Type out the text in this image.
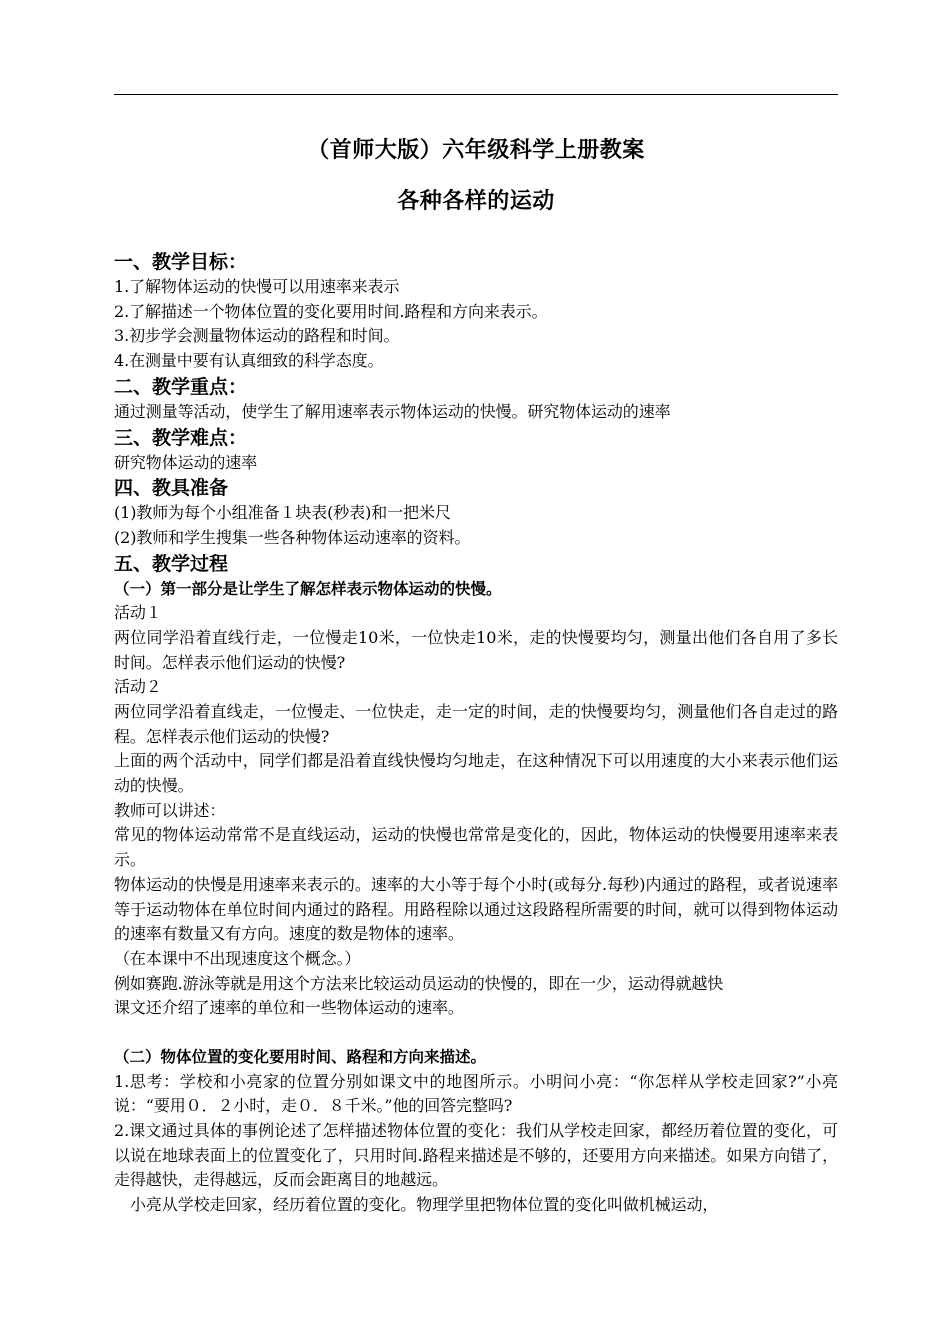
（首师大版）六年级科学上册教案
各种各样的运动
一、教学目标：
1.了解物体运动的快慢可以用速率来表示
2.了解描述一个物体位置的变化要用时间.路程和方向来表示。
3.初步学会测量物体运动的路程和时间。
4.在测量中要有认真细致的科学态度。
二、教学重点：
通过测量等活动，使学生了解用速率表示物体运动的快慢。研究物体运动的速率
三、教学难点：
研究物体运动的速率
四、教具准备
(1)教师为每个小组准备１块表(秒表)和一把米尺
(2)教师和学生搜集一些各种物体运动速率的资料。
五、教学过程
（一）第一部分是让学生了解怎样表示物体运动的快慢。
活动１
两位同学沿着直线行走，一位慢走10米，一位快走10米，走的快慢要均匀，测量出他们各自用了多长时间。怎样表示他们运动的快慢?
活动２
两位同学沿着直线走，一位慢走、一位快走，走一定的时间，走的快慢要均匀，测量他们各自走过的路程。怎样表示他们运动的快慢?
上面的两个活动中，同学们都是沿着直线快慢均匀地走，在这种情况下可以用速度的大小来表示他们运动的快慢。
教师可以讲述：
常见的物体运动常常不是直线运动，运动的快慢也常常是变化的，因此，物体运动的快慢要用速率来表示。
物体运动的快慢是用速率来表示的。速率的大小等于每个小时(或每分.每秒)内通过的路程，或者说速率等于运动物体在单位时间内通过的路程。用路程除以通过这段路程所需要的时间，就可以得到物体运动的速率有数量又有方向。速度的数是物体的速率。
（在本课中不出现速度这个概念。）
例如赛跑.游泳等就是用这个方法来比较运动员运动的快慢的，即在一少，运动得就越快
课文还介绍了速率的单位和一些物体运动的速率。
（二）物体位置的变化要用时间、路程和方向来描述。
1.思考：学校和小亮家的位置分别如课文中的地图所示。小明问小亮：“你怎样从学校走回家?”小亮说：“要用０．２小时，走０．８千米。”他的回答完整吗?
2.课文通过具体的事例论述了怎样描述物体位置的变化：我们从学校走回家，都经历着位置的变化，可以说在地球表面上的位置变化了，只用时间.路程来描述是不够的，还要用方向来描述。如果方向错了，走得越快，走得越远，反而会距离目的地越远。
小亮从学校走回家，经历着位置的变化。物理学里把物体位置的变化叫做机械运动，
